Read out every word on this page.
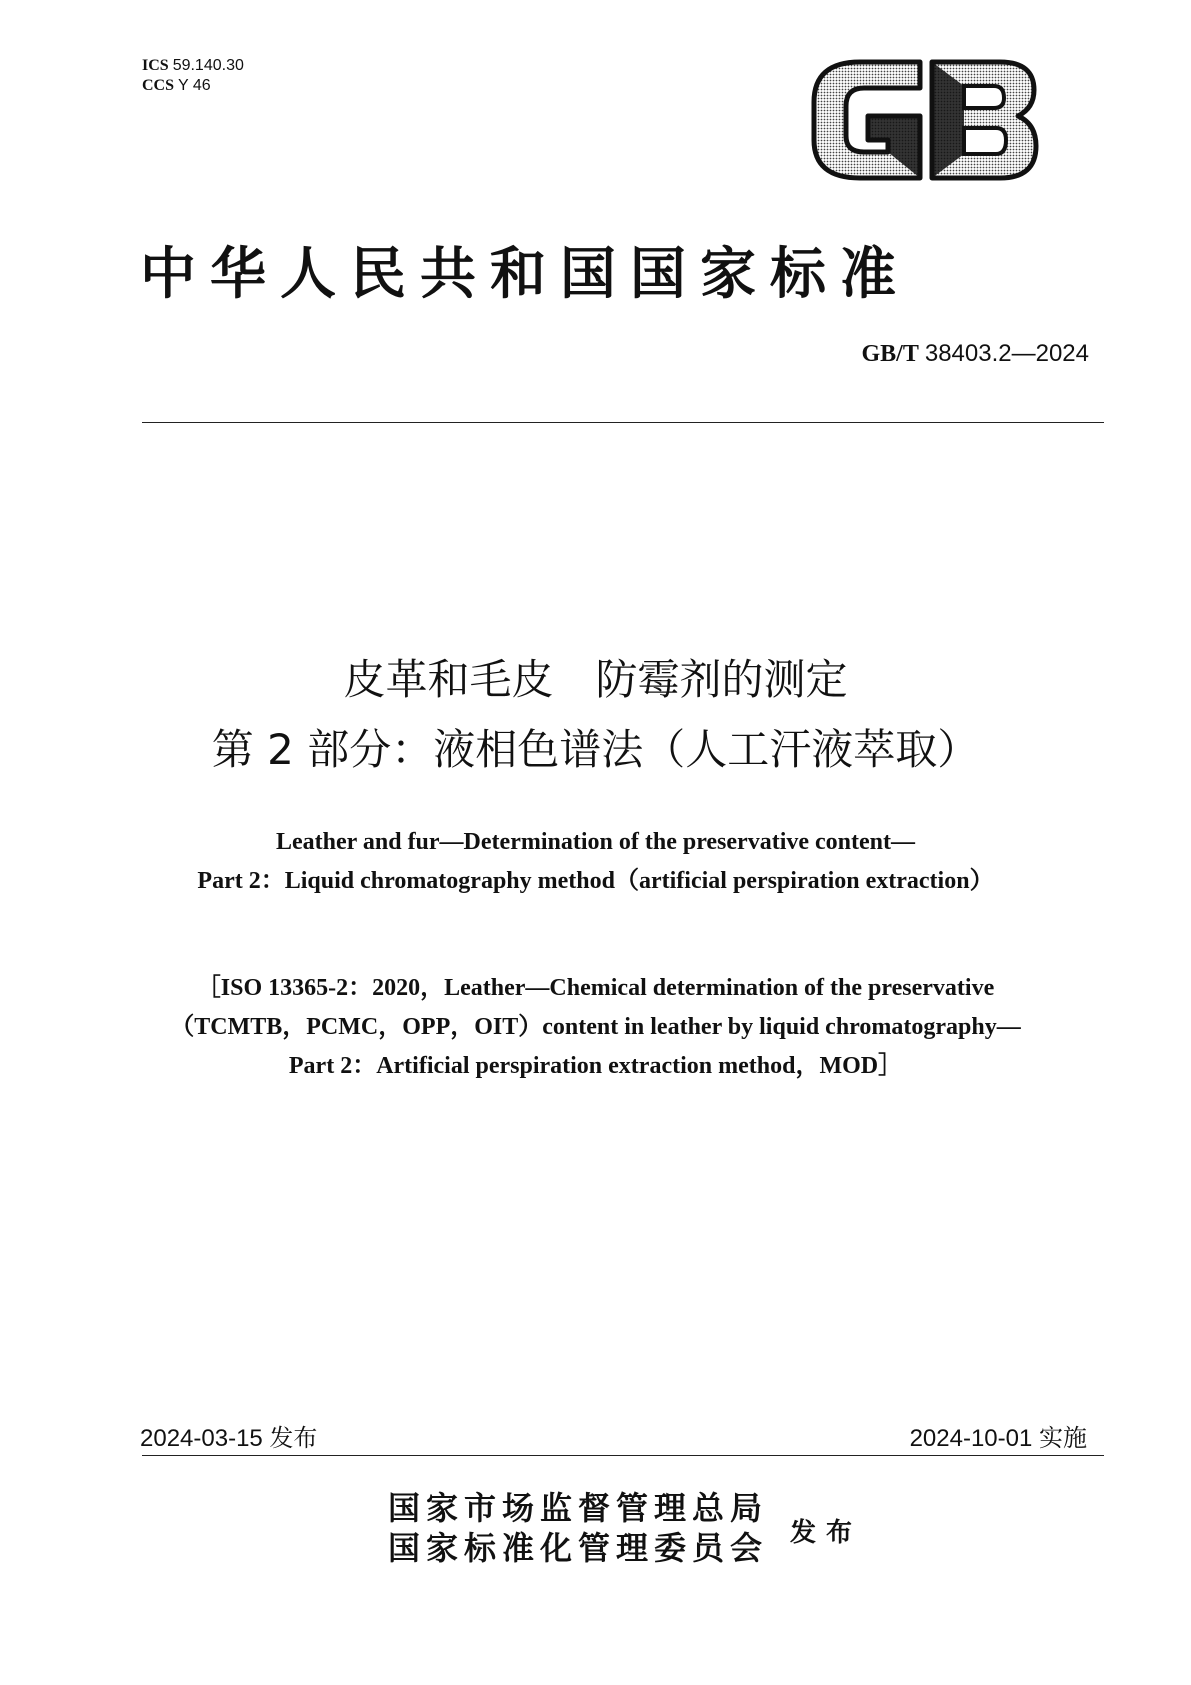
ICS 59.140.30
CCS Y 46
中华人民共和国国家标准
GB/T 38403.2—2024
皮革和毛皮　防霉剂的测定
第 2 部分：液相色谱法（人工汗液萃取）
Leather and fur—Determination of the preservative content—
Part 2：Liquid chromatography method（artificial perspiration extraction）
［ISO 13365-2：2020，Leather—Chemical determination of the preservative
（TCMTB，PCMC，OPP，OIT）content in leather by liquid chromatography—
Part 2：Artificial perspiration extraction method，MOD］
2024-03-15 发布	2024-10-01 实施
国家市场监督管理总局
国家标准化管理委员会 发布
